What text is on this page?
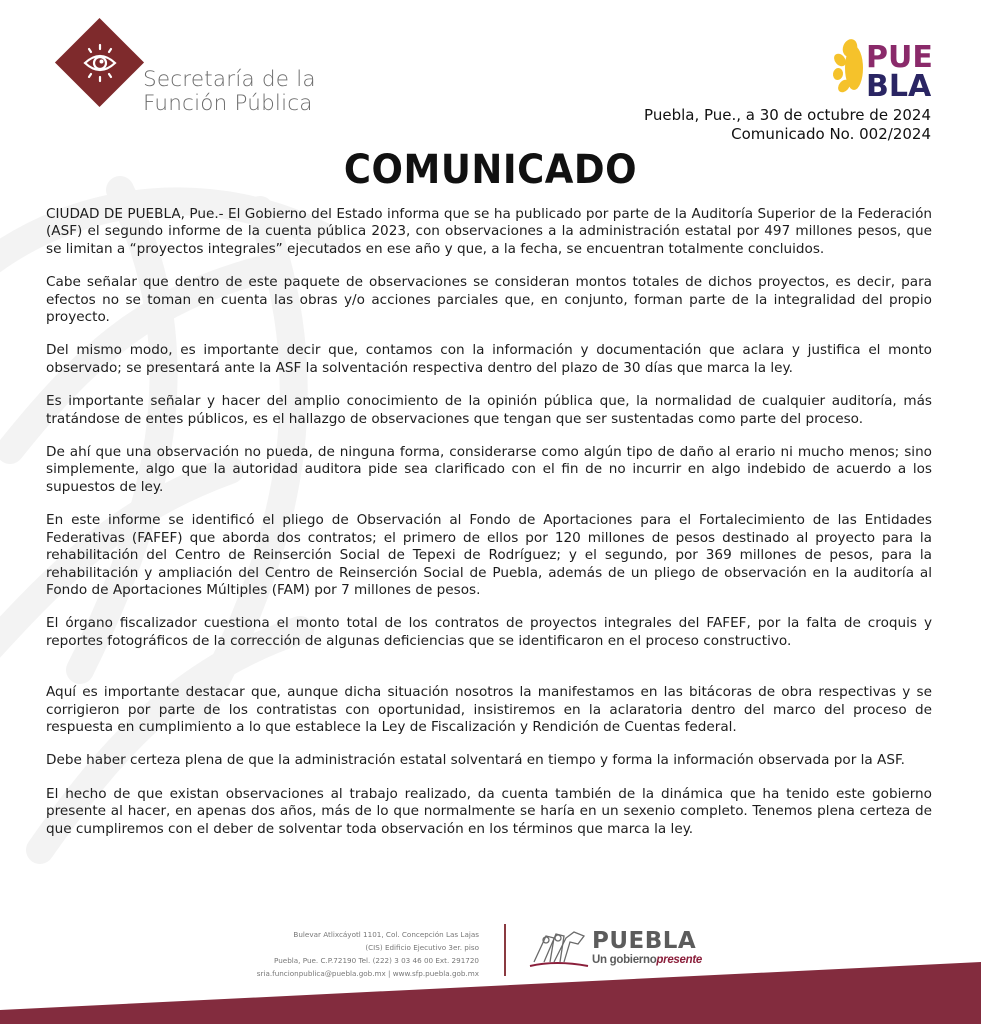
Secretaría de la
Función Pública
PUE
BLA
Puebla, Pue., a 30 de octubre de 2024
Comunicado No. 002/2024
COMUNICADO

CIUDAD DE PUEBLA, Pue.- El Gobierno del Estado informa que se ha publicado por parte de la Auditoría Superior de la Federación (ASF) el segundo informe de la cuenta pública 2023, con observaciones a la administración estatal por 497 millones pesos, que se limitan a “proyectos integrales” ejecutados en ese año y que, a la fecha, se encuentran totalmente concluidos.

Cabe señalar que dentro de este paquete de observaciones se consideran montos totales de dichos proyectos, es decir, para efectos no se toman en cuenta las obras y/o acciones parciales que, en conjunto, forman parte de la integralidad del propio proyecto.

Del mismo modo, es importante decir que, contamos con la información y documentación que aclara y justifica el monto observado; se presentará ante la ASF la solventación respectiva dentro del plazo de 30 días que marca la ley.

Es importante señalar y hacer del amplio conocimiento de la opinión pública que, la normalidad de cualquier auditoría, más tratándose de entes públicos, es el hallazgo de observaciones que tengan que ser sustentadas como parte del proceso.

De ahí que una observación no pueda, de ninguna forma, considerarse como algún tipo de daño al erario ni mucho menos; sino simplemente, algo que la autoridad auditora pide sea clarificado con el fin de no incurrir en algo indebido de acuerdo a los supuestos de ley.

En este informe se identificó el pliego de Observación al Fondo de Aportaciones para el Fortalecimiento de las Entidades Federativas (FAFEF) que aborda dos contratos; el primero de ellos por 120 millones de pesos destinado al proyecto para la rehabilitación del Centro de Reinserción Social de Tepexi de Rodríguez; y el segundo, por 369 millones de pesos, para la rehabilitación y ampliación del Centro de Reinserción Social de Puebla, además de un pliego de observación en la auditoría al Fondo de Aportaciones Múltiples (FAM) por 7 millones de pesos.

El órgano fiscalizador cuestiona el monto total de los contratos de proyectos integrales del FAFEF, por la falta de croquis y reportes fotográficos de la corrección de algunas deficiencias que se identificaron en el proceso constructivo.

Aquí es importante destacar que, aunque dicha situación nosotros la manifestamos en las bitácoras de obra respectivas y se corrigieron por parte de los contratistas con oportunidad, insistiremos en la aclaratoria dentro del marco del proceso de respuesta en cumplimiento a lo que establece la Ley de Fiscalización y Rendición de Cuentas federal.

Debe haber certeza plena de que la administración estatal solventará en tiempo y forma la información observada por la ASF.

El hecho de que existan observaciones al trabajo realizado, da cuenta también de la dinámica que ha tenido este gobierno presente al hacer, en apenas dos años, más de lo que normalmente se haría en un sexenio completo. Tenemos plena certeza de que cumpliremos con el deber de solventar toda observación en los términos que marca la ley.

Bulevar Atlixcáyotl 1101, Col. Concepción Las Lajas
(CIS) Edificio Ejecutivo 3er. piso
Puebla, Pue. C.P.72190 Tel. (222) 3 03 46 00 Ext. 291720
sria.funcionpublica@puebla.gob.mx | www.sfp.puebla.gob.mx
PUEBLA
Un gobiernopresente
